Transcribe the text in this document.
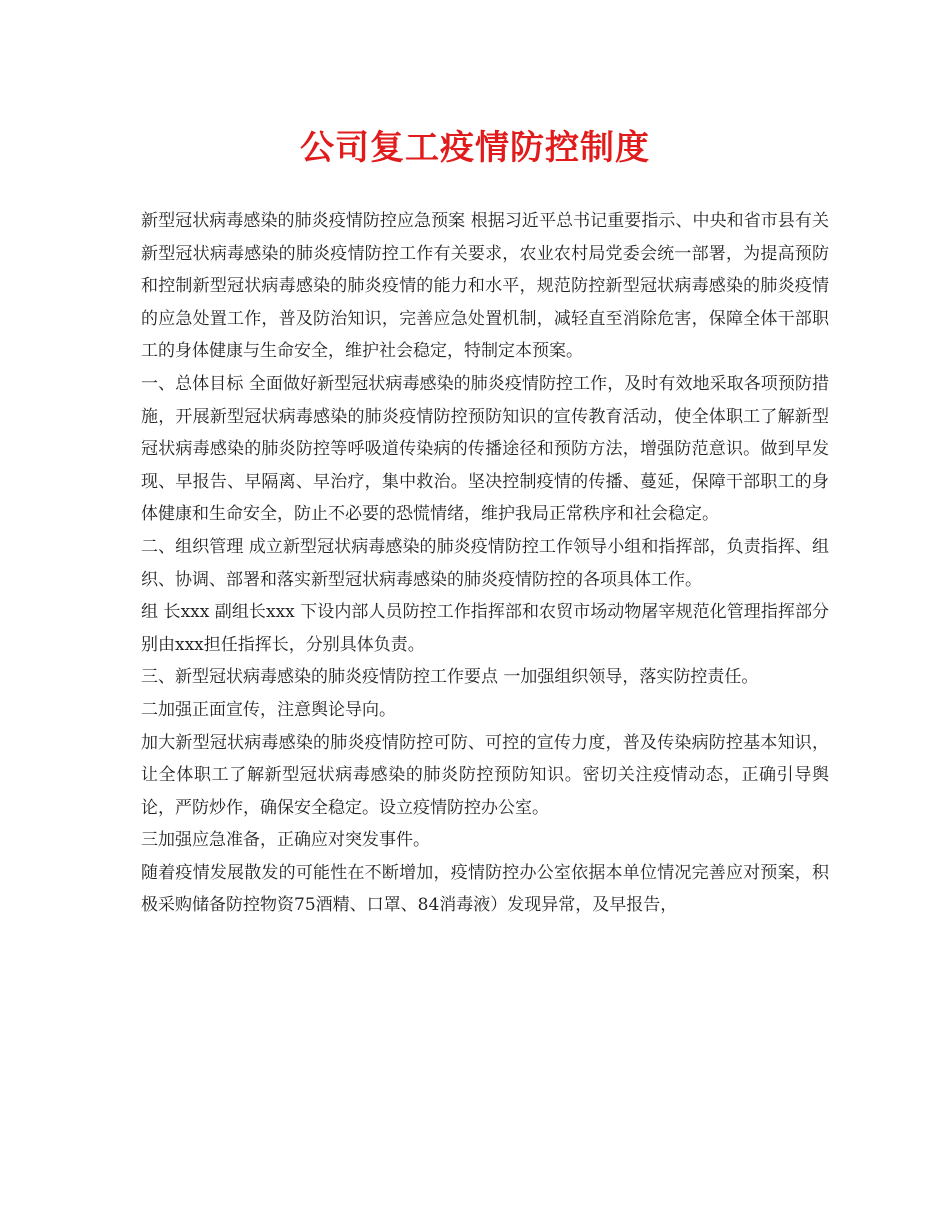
公司复工疫情防控制度

新型冠状病毒感染的肺炎疫情防控应急预案 根据习近平总书记重要指示、中央和省市县有关新型冠状病毒感染的肺炎疫情防控工作有关要求，农业农村局党委会统一部署，为提高预防和控制新型冠状病毒感染的肺炎疫情的能力和水平，规范防控新型冠状病毒感染的肺炎疫情的应急处置工作，普及防治知识，完善应急处置机制，减轻直至消除危害，保障全体干部职工的身体健康与生命安全，维护社会稳定，特制定本预案。

一、总体目标 全面做好新型冠状病毒感染的肺炎疫情防控工作，及时有效地采取各项预防措施，开展新型冠状病毒感染的肺炎疫情防控预防知识的宣传教育活动，使全体职工了解新型冠状病毒感染的肺炎防控等呼吸道传染病的传播途径和预防方法，增强防范意识。做到早发现、早报告、早隔离、早治疗，集中救治。坚决控制疫情的传播、蔓延，保障干部职工的身体健康和生命安全，防止不必要的恐慌情绪，维护我局正常秩序和社会稳定。

二、组织管理 成立新型冠状病毒感染的肺炎疫情防控工作领导小组和指挥部，负责指挥、组织、协调、部署和落实新型冠状病毒感染的肺炎疫情防控的各项具体工作。

组 长xxx 副组长xxx 下设内部人员防控工作指挥部和农贸市场动物屠宰规范化管理指挥部分别由xxx担任指挥长，分别具体负责。

三、新型冠状病毒感染的肺炎疫情防控工作要点 一加强组织领导，落实防控责任。

二加强正面宣传，注意舆论导向。

加大新型冠状病毒感染的肺炎疫情防控可防、可控的宣传力度，普及传染病防控基本知识，让全体职工了解新型冠状病毒感染的肺炎防控预防知识。密切关注疫情动态，正确引导舆论，严防炒作，确保安全稳定。设立疫情防控办公室。

三加强应急准备，正确应对突发事件。

随着疫情发展散发的可能性在不断增加，疫情防控办公室依据本单位情况完善应对预案，积极采购储备防控物资75酒精、口罩、84消毒液）发现异常，及早报告，
